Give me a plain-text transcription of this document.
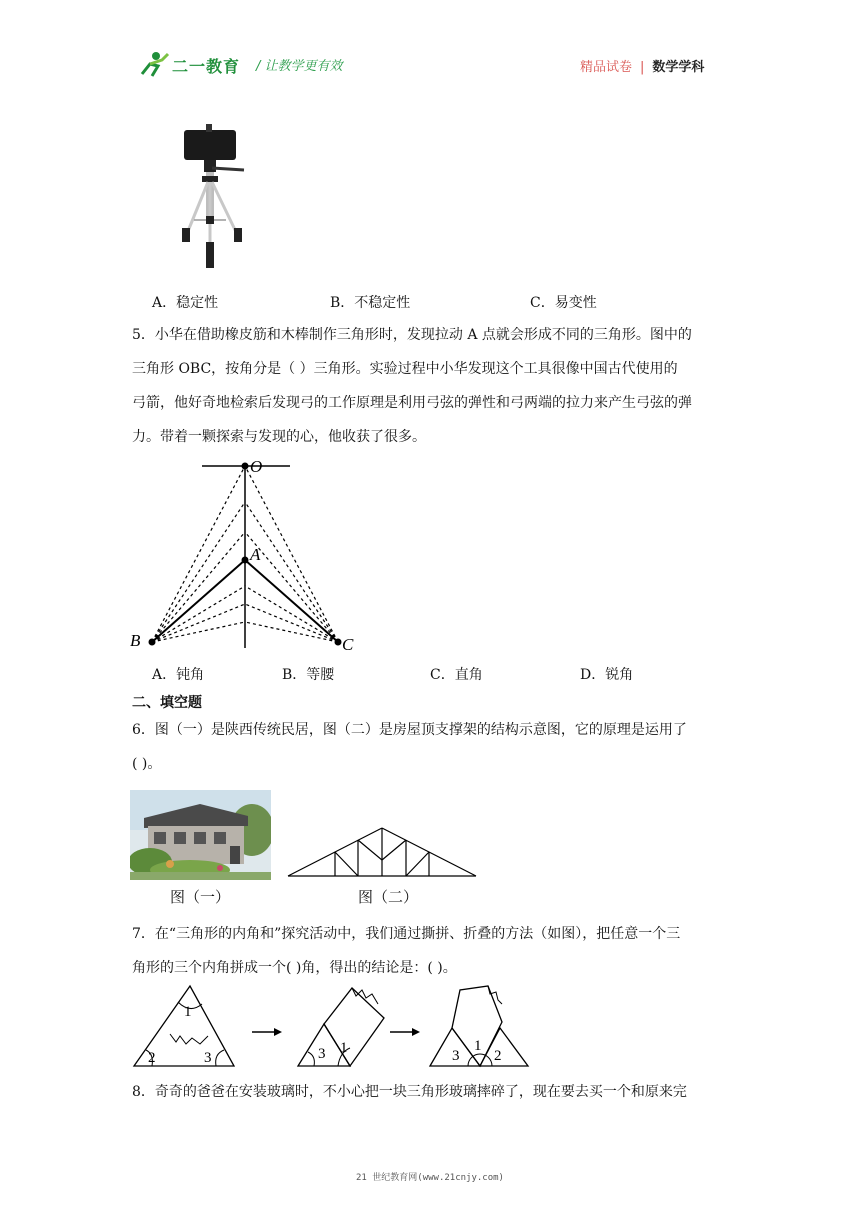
二一教育 / 让教学更有效	精品试卷 | 数学学科
A．稳定性	B．不稳定性	C．易变性
5．小华在借助橡皮筋和木棒制作三角形时，发现拉动 A 点就会形成不同的三角形。图中的
三角形 OBC，按角分是（ ）三角形。实验过程中小华发现这个工具很像中国古代使用的
弓箭，他好奇地检索后发现弓的工作原理是利用弓弦的弹性和弓两端的拉力来产生弓弦的弹
力。带着一颗探索与发现的心，他收获了很多。
O
A
B	C
A．钝角	B．等腰	C．直角	D．锐角
二、填空题
6．图（一）是陕西传统民居，图（二）是房屋顶支撑架的结构示意图，它的原理是运用了
( )。
图（一）	图（二）
7．在“三角形的内角和”探究活动中，我们通过撕拼、折叠的方法（如图），把任意一个三
角形的三个内角拼成一个( )角，得出的结论是：( )。
1
2	3	3 1	3
1
2
8．奇奇的爸爸在安装玻璃时，不小心把一块三角形玻璃摔碎了，现在要去买一个和原来完
21 世纪教育网(www.21cnjy.com)
